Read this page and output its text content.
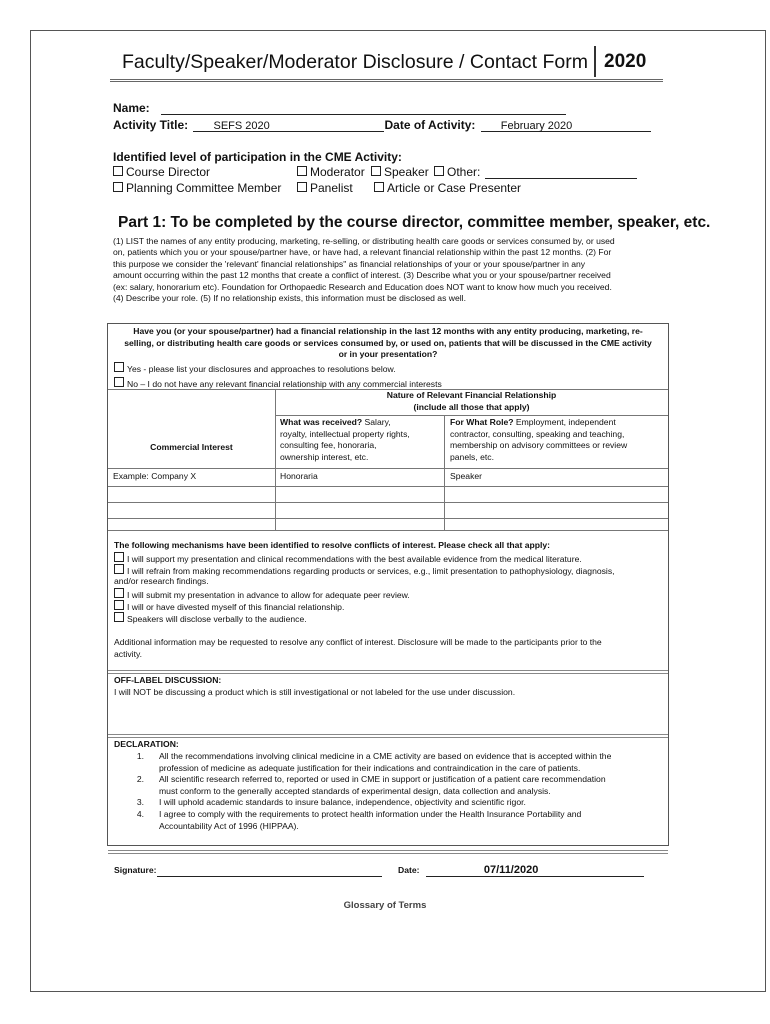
Faculty/Speaker/Moderator Disclosure / Contact Form 2020
Name:
Activity Title: SEFS 2020	Date of Activity: February 2020
Identified level of participation in the CME Activity:
Course Director	Moderator	Speaker	Other:
Planning Committee Member	Panelist	Article or Case Presenter
Part 1: To be completed by the course director, committee member, speaker, etc.
(1) LIST the names of any entity producing, marketing, re-selling, or distributing health care goods or services consumed by, or used
on, patients which you or your spouse/partner have, or have had, a relevant financial relationship within the past 12 months. (2) For
this purpose we consider the 'relevant' financial relationships" as financial relationships of your or your spouse/partner in any
amount occurring within the past 12 months that create a conflict of interest. (3) Describe what you or your spouse/partner received
(ex: salary, honorarium etc). Foundation for Orthopaedic Research and Education does NOT want to know how much you received.
(4) Describe your role. (5) If no relationship exists, this information must be disclosed as well.
Have you (or your spouse/partner) had a financial relationship in the last 12 months with any entity producing, marketing, re-
selling, or distributing health care goods or services consumed by, or used on, patients that will be discussed in the CME activity
or in your presentation?
Yes - please list your disclosures and approaches to resolutions below.
No – I do not have any relevant financial relationship with any commercial interests
Nature of Relevant Financial Relationship
(include all those that apply)
Commercial Interest
What was received? Salary,
royalty, intellectual property rights,
consulting fee, honoraria,
ownership interest, etc.
For What Role? Employment, independent
contractor, consulting, speaking and teaching,
membership on advisory committees or review
panels, etc.
Example: Company X	Honoraria	Speaker
The following mechanisms have been identified to resolve conflicts of interest. Please check all that apply:
I will support my presentation and clinical recommendations with the best available evidence from the medical literature.
I will refrain from making recommendations regarding products or services, e.g., limit presentation to pathophysiology, diagnosis,
and/or research findings.
I will submit my presentation in advance to allow for adequate peer review.
I will or have divested myself of this financial relationship.
Speakers will disclose verbally to the audience.
Additional information may be requested to resolve any conflict of interest. Disclosure will be made to the participants prior to the
activity.
OFF-LABEL DISCUSSION:
I will NOT be discussing a product which is still investigational or not labeled for the use under discussion.
DECLARATION:
1. All the recommendations involving clinical medicine in a CME activity are based on evidence that is accepted within the
profession of medicine as adequate justification for their indications and contraindication in the care of patients.
2. All scientific research referred to, reported or used in CME in support or justification of a patient care recommendation
must conform to the generally accepted standards of experimental design, data collection and analysis.
3. I will uphold academic standards to insure balance, independence, objectivity and scientific rigor.
4. I agree to comply with the requirements to protect health information under the Health Insurance Portability and
Accountability Act of 1996 (HIPPAA).
Signature:	Date:	07/11/2020
Glossary of Terms
